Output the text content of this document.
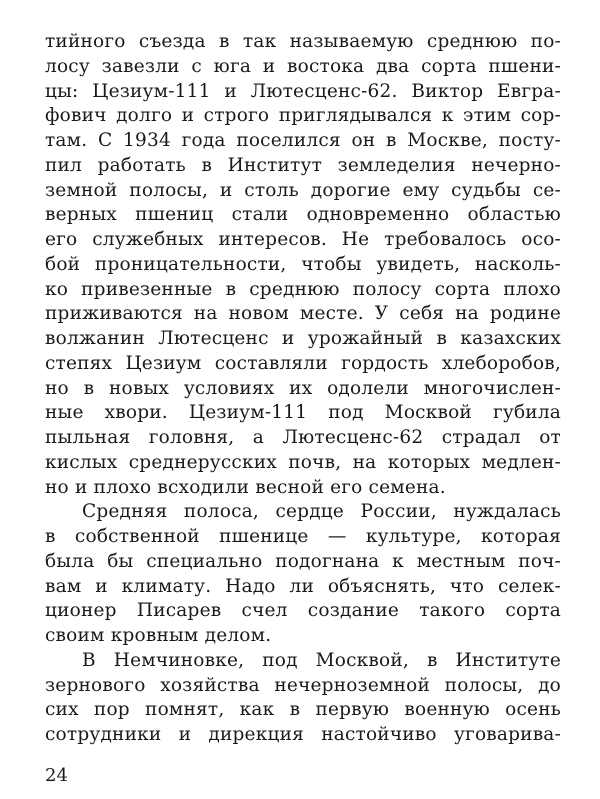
тийного съезда в так называемую среднюю по-
лосу завезли с юга и востока два сорта пшени-
цы: Цезиум-111 и Лютесценс-62. Виктор Евгра-
фович долго и строго приглядывался к этим сор-
там. С 1934 года поселился он в Москве, посту-
пил работать в Институт земледелия нечерно-
земной полосы, и столь дорогие ему судьбы се-
верных пшениц стали одновременно областью
его служебных интересов. Не требовалось осо-
бой проницательности, чтобы увидеть, насколь-
ко привезенные в среднюю полосу сорта плохо
приживаются на новом месте. У себя на родине
волжанин Лютесценс и урожайный в казахских
степях Цезиум составляли гордость хлеборобов,
но в новых условиях их одолели многочислен-
ные хвори. Цезиум-111 под Москвой губила
пыльная головня, а Лютесценс-62 страдал от
кислых среднерусских почв, на которых медлен-
но и плохо всходили весной его семена.
Средняя полоса, сердце России, нуждалась
в собственной пшенице — культуре, которая
была бы специально подогнана к местным поч-
вам и климату. Надо ли объяснять, что селек-
ционер Писарев счел создание такого сорта
своим кровным делом.
В Немчиновке, под Москвой, в Институте
зернового хозяйства нечерноземной полосы, до
сих пор помнят, как в первую военную осень
сотрудники и дирекция настойчиво уговарива-
24
